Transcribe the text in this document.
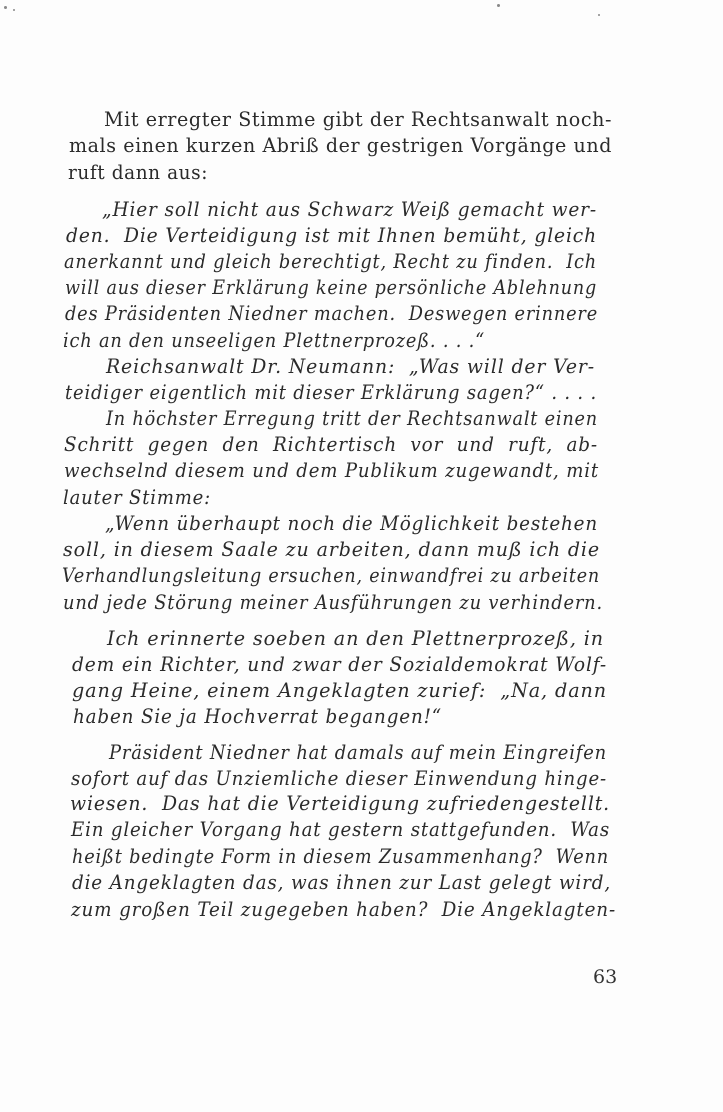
Mit erregter Stimme gibt der Rechtsanwalt noch-
mals einen kurzen Abriß der gestrigen Vorgänge und
ruft dann aus:
„Hier soll nicht aus Schwarz Weiß gemacht wer-
den.  Die Verteidigung ist mit Ihnen bemüht, gleich
anerkannt und gleich berechtigt, Recht zu finden.  Ich
will aus dieser Erklärung keine persönliche Ablehnung
des Präsidenten Niedner machen.  Deswegen erinnere
ich an den unseeligen Plettnerprozeß. . . .“
Reichsanwalt Dr. Neumann:  „Was will der Ver-
teidiger eigentlich mit dieser Erklärung sagen?“ . . . .
In höchster Erregung tritt der Rechtsanwalt einen
Schritt  gegen  den  Richtertisch  vor  und  ruft,  ab-
wechselnd diesem und dem Publikum zugewandt, mit
lauter Stimme:
„Wenn überhaupt noch die Möglichkeit bestehen
soll, in diesem Saale zu arbeiten, dann muß ich die
Verhandlungsleitung ersuchen, einwandfrei zu arbeiten
und jede Störung meiner Ausführungen zu verhindern.
Ich erinnerte soeben an den Plettnerprozeß, in
dem ein Richter, und zwar der Sozialdemokrat Wolf-
gang Heine, einem Angeklagten zurief:  „Na, dann
haben Sie ja Hochverrat begangen!“
Präsident Niedner hat damals auf mein Eingreifen
sofort auf das Unziemliche dieser Einwendung hinge-
wiesen.  Das hat die Verteidigung zufriedengestellt.
Ein gleicher Vorgang hat gestern stattgefunden.  Was
heißt bedingte Form in diesem Zusammenhang?  Wenn
die Angeklagten das, was ihnen zur Last gelegt wird,
zum großen Teil zugegeben haben?  Die Angeklagten-
63
